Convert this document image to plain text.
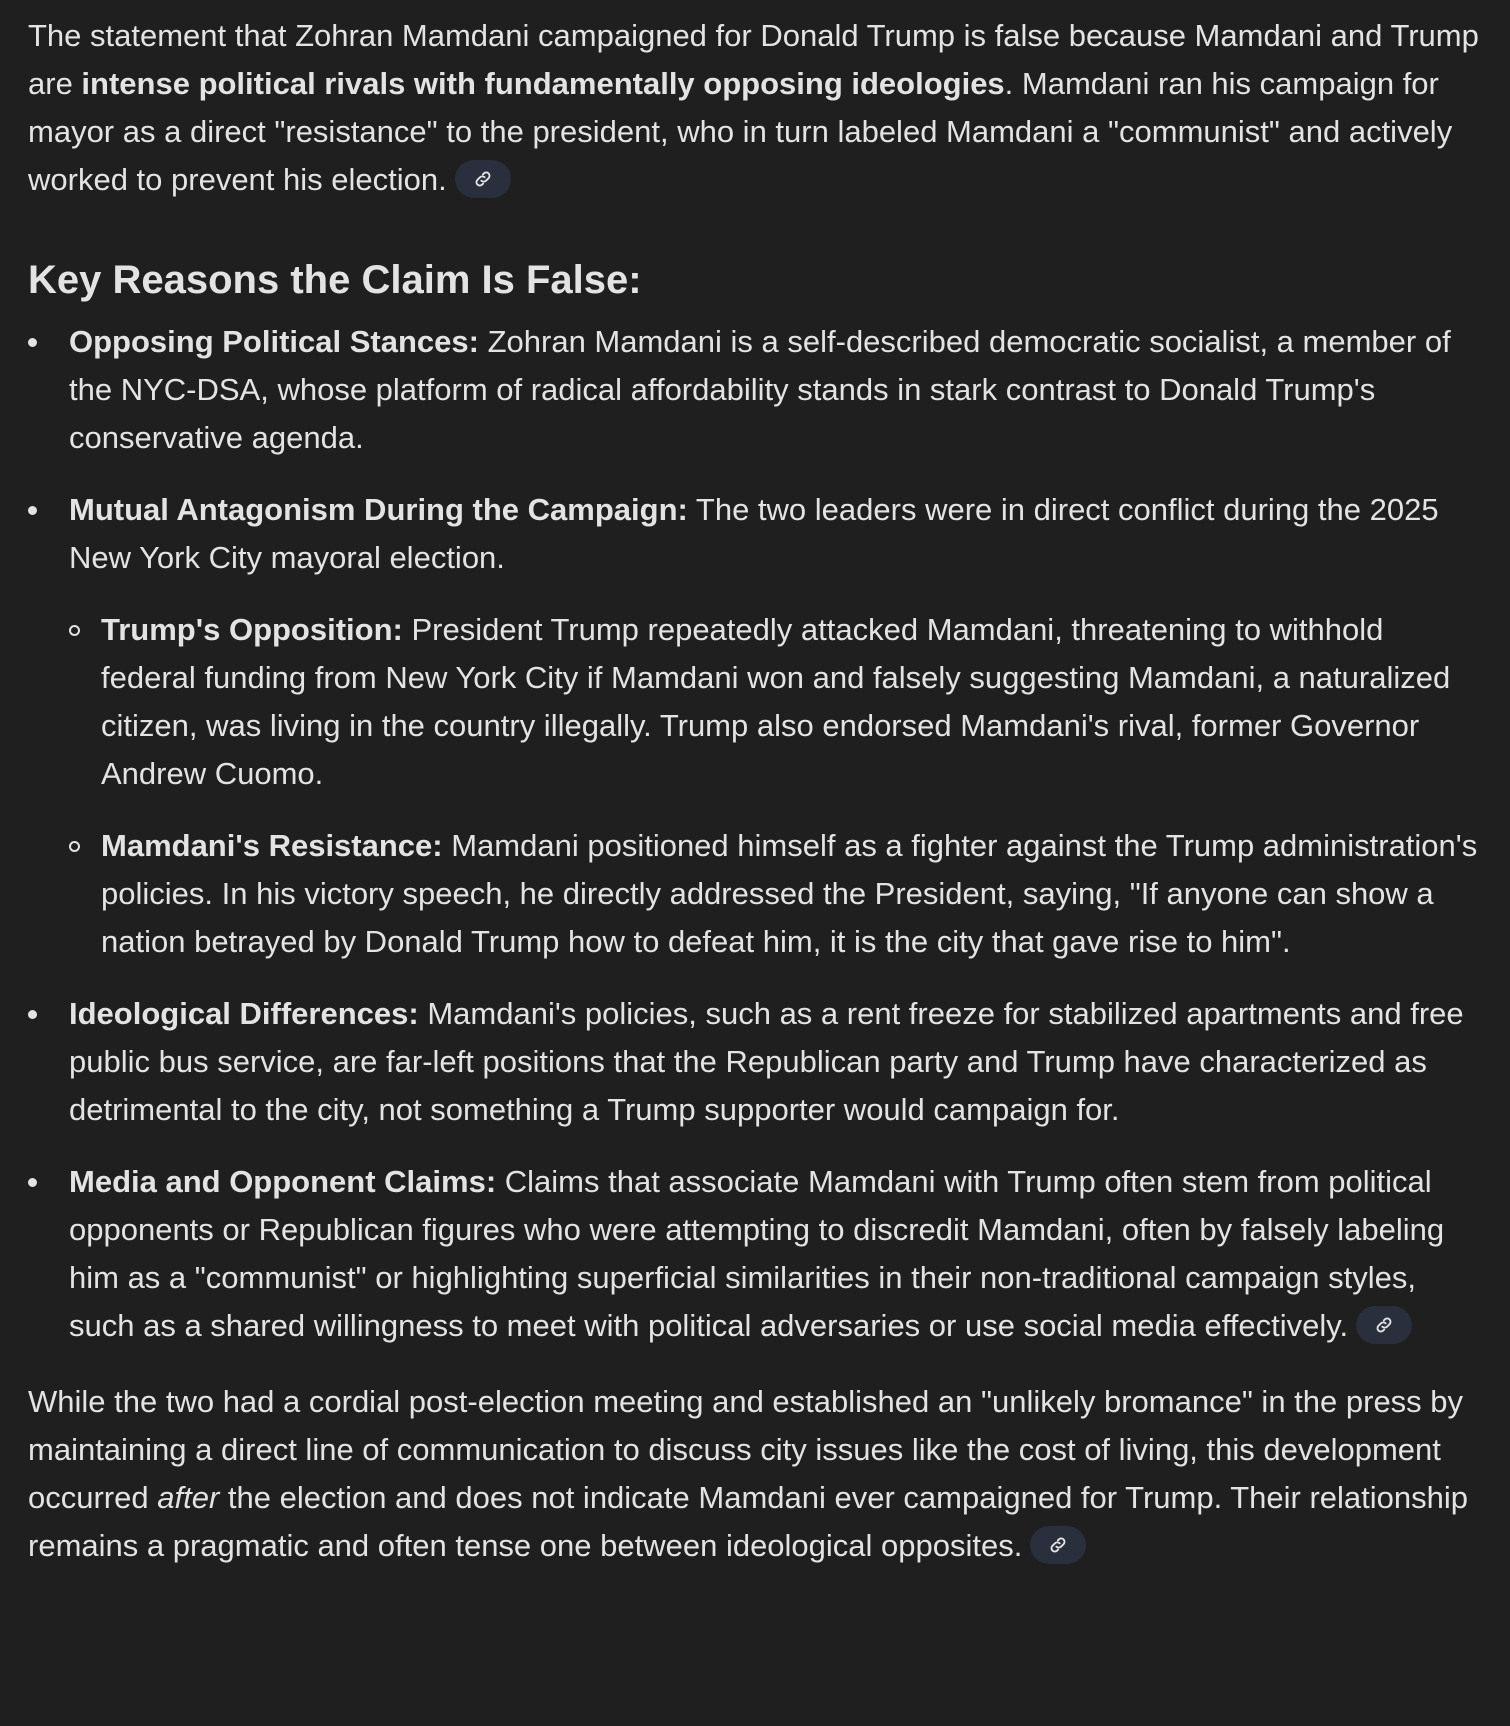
The statement that Zohran Mamdani campaigned for Donald Trump is false because Mamdani and Trump are intense political rivals with fundamentally opposing ideologies. Mamdani ran his campaign for mayor as a direct "resistance" to the president, who in turn labeled Mamdani a "communist" and actively worked to prevent his election.

Key Reasons the Claim Is False:
Opposing Political Stances: Zohran Mamdani is a self-described democratic socialist, a member of the NYC-DSA, whose platform of radical affordability stands in stark contrast to Donald Trump's conservative agenda.
Mutual Antagonism During the Campaign: The two leaders were in direct conflict during the 2025 New York City mayoral election.
Trump's Opposition: President Trump repeatedly attacked Mamdani, threatening to withhold federal funding from New York City if Mamdani won and falsely suggesting Mamdani, a naturalized citizen, was living in the country illegally. Trump also endorsed Mamdani's rival, former Governor Andrew Cuomo.
Mamdani's Resistance: Mamdani positioned himself as a fighter against the Trump administration's policies. In his victory speech, he directly addressed the President, saying, "If anyone can show a nation betrayed by Donald Trump how to defeat him, it is the city that gave rise to him".
Ideological Differences: Mamdani's policies, such as a rent freeze for stabilized apartments and free public bus service, are far-left positions that the Republican party and Trump have characterized as detrimental to the city, not something a Trump supporter would campaign for.
Media and Opponent Claims: Claims that associate Mamdani with Trump often stem from political opponents or Republican figures who were attempting to discredit Mamdani, often by falsely labeling him as a "communist" or highlighting superficial similarities in their non-traditional campaign styles, such as a shared willingness to meet with political adversaries or use social media effectively.

While the two had a cordial post-election meeting and established an "unlikely bromance" in the press by maintaining a direct line of communication to discuss city issues like the cost of living, this development occurred after the election and does not indicate Mamdani ever campaigned for Trump. Their relationship remains a pragmatic and often tense one between ideological opposites.
